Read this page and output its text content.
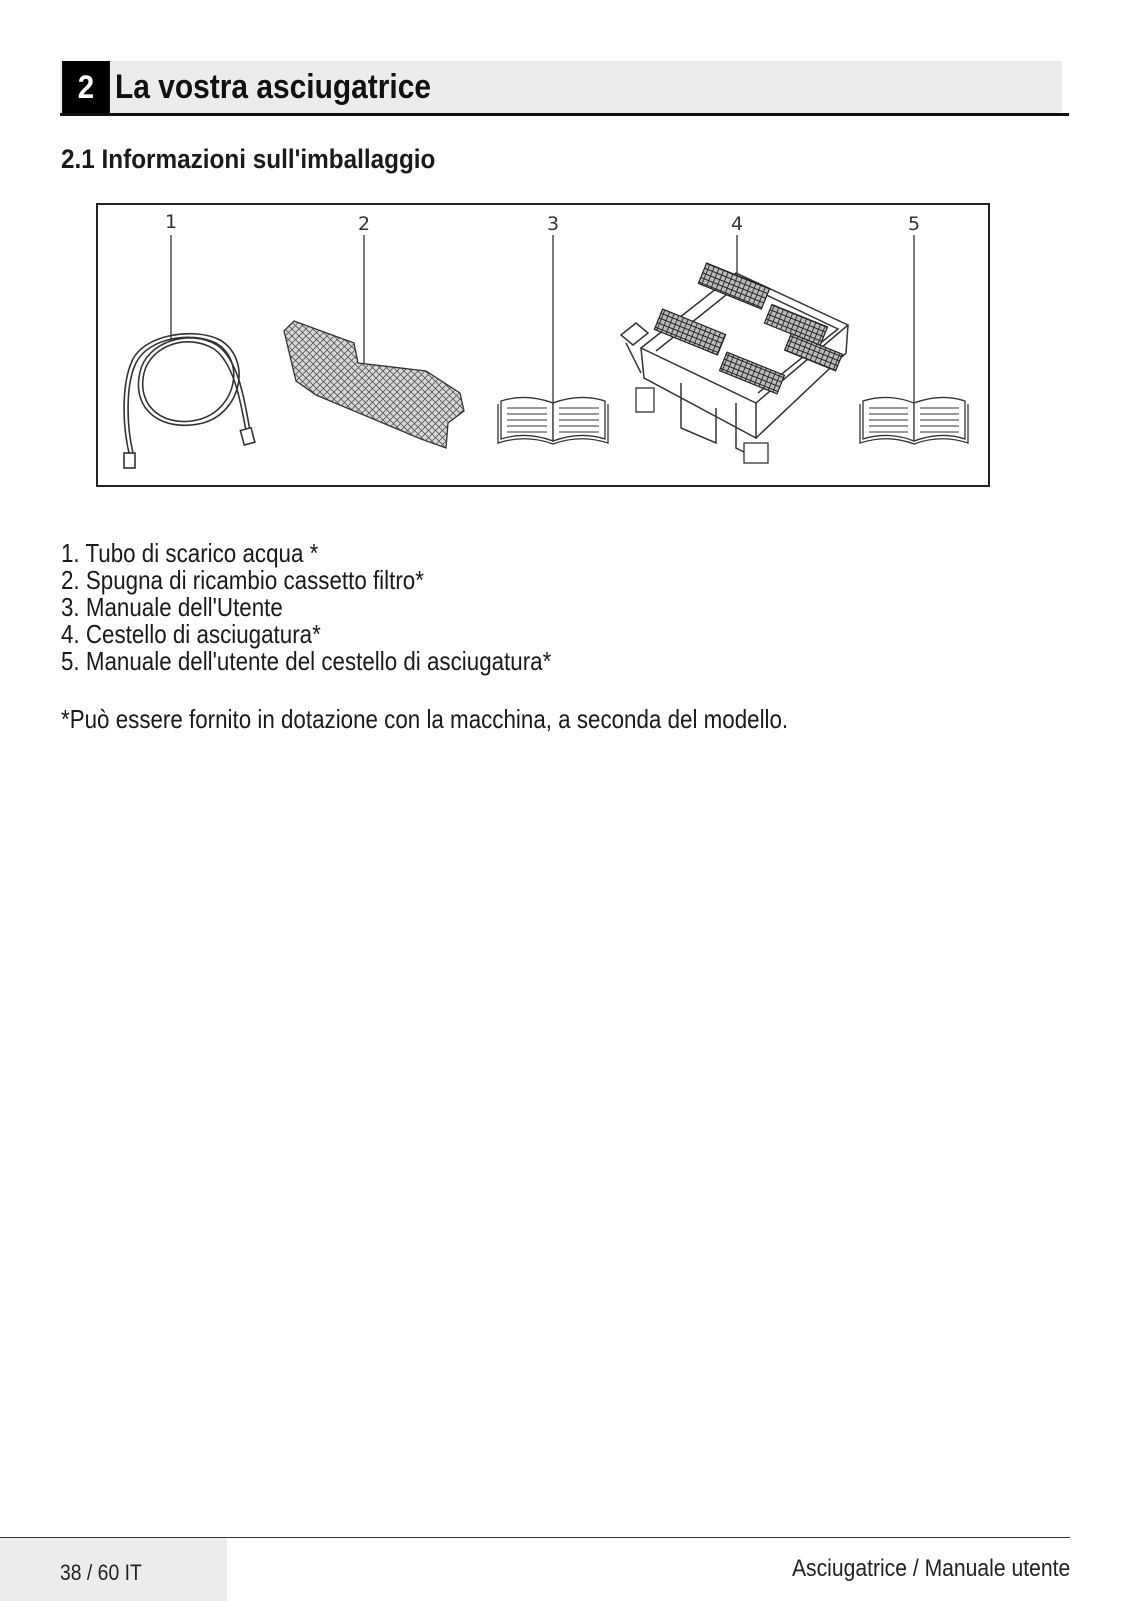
2 La vostra asciugatrice
2.1 Informazioni sull'imballaggio
1	2	3	4	5
1. Tubo di scarico acqua *
2. Spugna di ricambio cassetto filtro*
3. Manuale dell'Utente
4. Cestello di asciugatura*
5. Manuale dell'utente del cestello di asciugatura*
*Può essere fornito in dotazione con la macchina, a seconda del modello.
38 / 60 IT	Asciugatrice / Manuale utente
